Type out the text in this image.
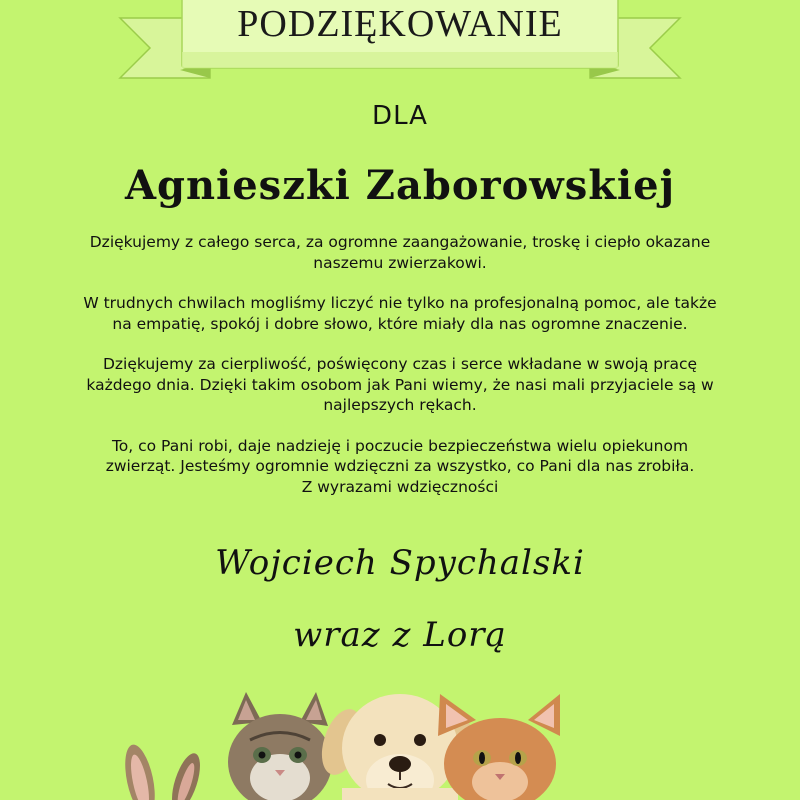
PODZIĘKOWANIE
DLA
Agnieszki Zaborowskiej

Dziękujemy z całego serca, za ogromne zaangażowanie, troskę i ciepło okazane naszemu zwierzakowi.

W trudnych chwilach mogliśmy liczyć nie tylko na profesjonalną pomoc, ale także na empatię, spokój i dobre słowo, które miały dla nas ogromne znaczenie.

Dziękujemy za cierpliwość, poświęcony czas i serce wkładane w swoją pracę każdego dnia. Dzięki takim osobom jak Pani wiemy, że nasi mali przyjaciele są w najlepszych rękach.

To, co Pani robi, daje nadzieję i poczucie bezpieczeństwa wielu opiekunom zwierząt. Jesteśmy ogromnie wdzięczni za wszystko, co Pani dla nas zrobiła.

Z wyrazami wdzięczności
Wojciech Spychalski
wraz z Lorą
